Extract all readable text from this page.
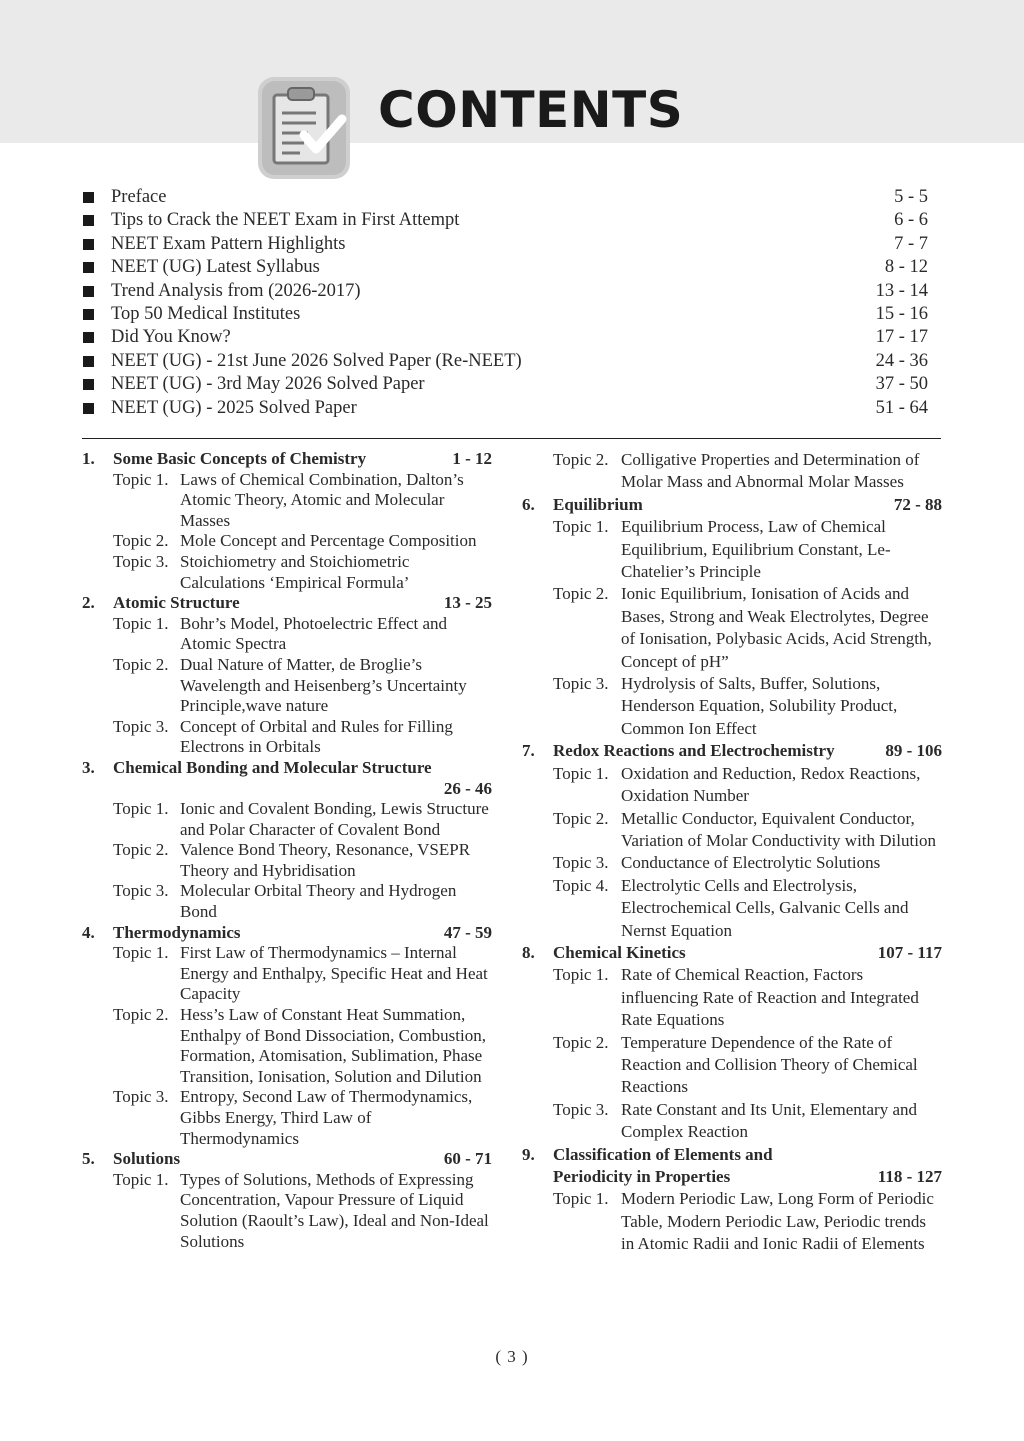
CONTENTS
Preface	5 - 5
Tips to Crack the NEET Exam in First Attempt	6 - 6
NEET Exam Pattern Highlights	7 - 7
NEET (UG) Latest Syllabus	8 - 12
Trend Analysis from (2026-2017)	13 - 14
Top 50 Medical Institutes	15 - 16
Did You Know?	17 - 17
NEET (UG) - 21st June 2026 Solved Paper (Re-NEET)	24 - 36
NEET (UG) - 3rd May 2026 Solved Paper	37 - 50
NEET (UG) - 2025 Solved Paper	51 - 64
1.	Some Basic Concepts of Chemistry	1 - 12
Topic 1. Laws of Chemical Combination, Dalton’s Atomic Theory, Atomic and Molecular Masses
Topic 2. Mole Concept and Percentage Composition
Topic 3. Stoichiometry and Stoichiometric Calculations ‘Empirical Formula’
2.	Atomic Structure	13 - 25
Topic 1. Bohr’s Model, Photoelectric Effect and Atomic Spectra
Topic 2. Dual Nature of Matter, de Broglie’s Wavelength and Heisenberg’s Uncertainty Principle,wave nature
Topic 3. Concept of Orbital and Rules for Filling Electrons in Orbitals
3.	Chemical Bonding and Molecular Structure
26 - 46
Topic 1. Ionic and Covalent Bonding, Lewis Structure and Polar Character of Covalent Bond
Topic 2. Valence Bond Theory, Resonance, VSEPR Theory and Hybridisation
Topic 3. Molecular Orbital Theory and Hydrogen Bond
4.	Thermodynamics	47 - 59
Topic 1. First Law of Thermodynamics – Internal Energy and Enthalpy, Specific Heat and Heat Capacity
Topic 2. Hess’s Law of Constant Heat Summation, Enthalpy of Bond Dissociation, Combustion, Formation, Atomisation, Sublimation, Phase Transition, Ionisation, Solution and Dilution
Topic 3. Entropy, Second Law of Thermodynamics, Gibbs Energy, Third Law of Thermodynamics
5.	Solutions	60 - 71
Topic 1. Types of Solutions, Methods of Expressing Concentration, Vapour Pressure of Liquid Solution (Raoult’s Law), Ideal and Non-Ideal Solutions
Topic 2. Colligative Properties and Determination of Molar Mass and Abnormal Molar Masses
6.	Equilibrium	72 - 88
Topic 1. Equilibrium Process, Law of Chemical Equilibrium, Equilibrium Constant, Le-Chatelier’s Principle
Topic 2. Ionic Equilibrium, Ionisation of Acids and Bases, Strong and Weak Electrolytes, Degree of Ionisation, Polybasic Acids, Acid Strength, Concept of pH”
Topic 3. Hydrolysis of Salts, Buffer, Solutions, Henderson Equation, Solubility Product, Common Ion Effect
7.	Redox Reactions and Electrochemistry	89 - 106
Topic 1. Oxidation and Reduction, Redox Reactions, Oxidation Number
Topic 2. Metallic Conductor, Equivalent Conductor, Variation of Molar Conductivity with Dilution
Topic 3. Conductance of Electrolytic Solutions
Topic 4. Electrolytic Cells and Electrolysis, Electrochemical Cells, Galvanic Cells and Nernst Equation
8.	Chemical Kinetics	107 - 117
Topic 1. Rate of Chemical Reaction, Factors influencing Rate of Reaction and Integrated Rate Equations
Topic 2. Temperature Dependence of the Rate of Reaction and Collision Theory of Chemical Reactions
Topic 3. Rate Constant and Its Unit, Elementary and Complex Reaction
9.	Classification of Elements and
Periodicity in Properties	118 - 127
Topic 1. Modern Periodic Law, Long Form of Periodic Table, Modern Periodic Law, Periodic trends in Atomic Radii and Ionic Radii of Elements
( 3 )
